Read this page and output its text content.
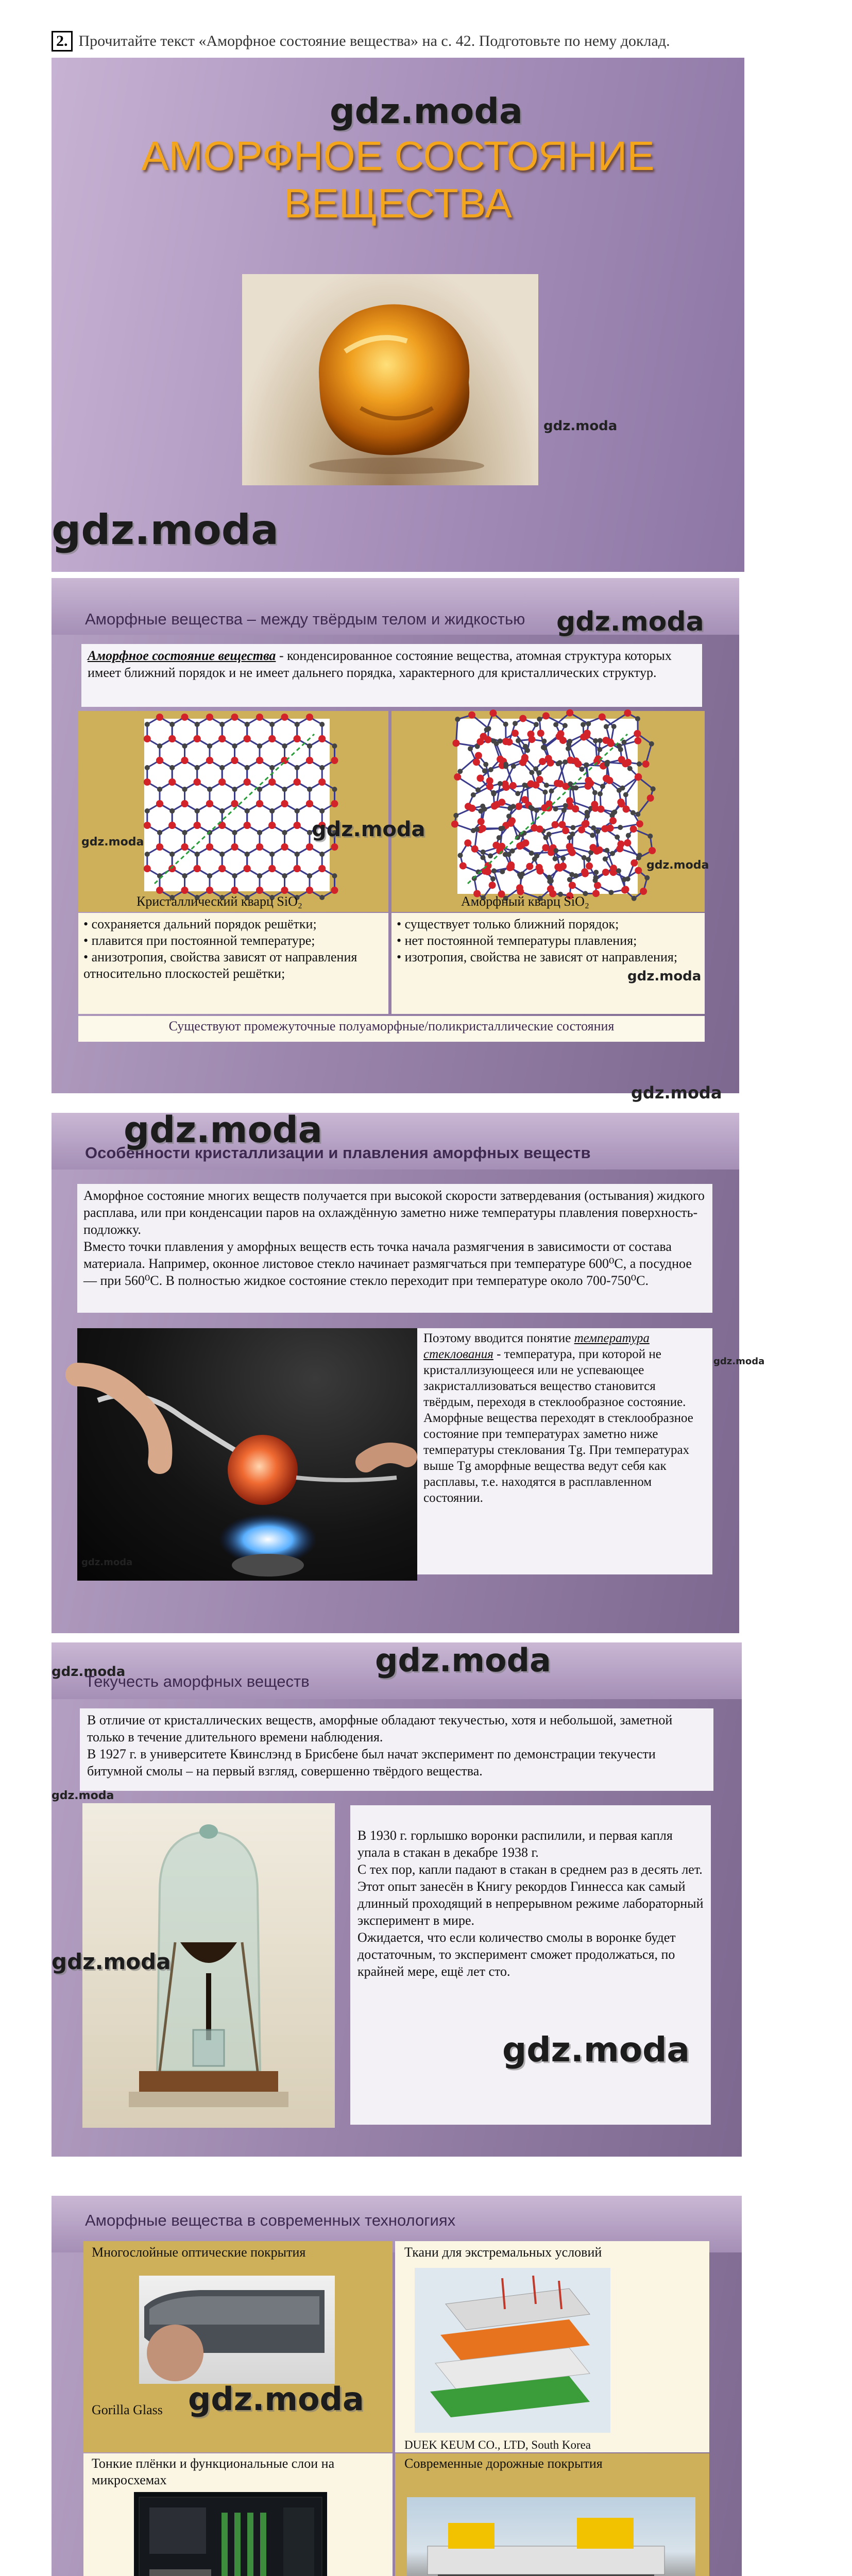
2. Прочитайте текст «Аморфное состояние вещества» на с. 42. Подготовьте по нему доклад.
АМОРФНОЕ СОСТОЯНИЕ
ВЕЩЕСТВА
gdz.moda
gdz.moda
gdz.moda
Аморфные вещества – между твёрдым телом и жидкостью
Аморфное состояние вещества - конденсированное состояние вещества, атомная структура которых имеет ближний порядок и не имеет дальнего порядка, характерного для кристаллических структур.
Кристаллический кварц SiO₂	Аморфный кварц SiO₂
• сохраняется дальний порядок решётки;
• плавится при постоянной температуре;
• анизотропия, свойства зависят от направления относительно плоскостей решётки;
• существует только ближний порядок;
• нет постоянной температуры плавления;
• изотропия, свойства не зависят от направления;
Существуют промежуточные полуаморфные/поликристаллические состояния
gdz.moda
gdz.moda
gdz.moda
gdz.moda
gdz.moda
gdz.moda
Особенности кристаллизации и плавления аморфных веществ
Аморфное состояние многих веществ получается при высокой скорости затвердевания (остывания) жидкого расплава, или при конденсации паров на охлаждённую заметно ниже температуры плавления поверхность-подложку.
Вместо точки плавления у аморфных веществ есть точка начала размягчения в зависимости от состава материала. Например, оконное листовое стекло начинает размягчаться при температуре 600⁰С, а посудное — при 560⁰С. В полностью жидкое состояние стекло переходит при температуре около 700-750⁰С.
Поэтому вводится понятие температура стеклования - температура, при которой не кристаллизующееся или не успевающее закристаллизоваться вещество становится твёрдым, переходя в стеклообразное состояние.
Аморфные вещества переходят в стеклообразное состояние при температурах заметно ниже температуры стеклования Tg. При температурах выше Tg аморфные вещества ведут себя как расплавы, т.е. находятся в расплавленном состоянии.
gdz.moda
gdz.moda
gdz.moda
gdz.moda
Текучесть аморфных веществ
В отличие от кристаллических веществ, аморфные обладают текучестью, хотя и небольшой, заметной только в течение длительного времени наблюдения.
В 1927 г. в университете Квинслэнд в Брисбене был начат эксперимент по демонстрации текучести битумной смолы – на первый взгляд, совершенно твёрдого вещества.
В 1930 г. горлышко воронки распилили, и первая капля упала в стакан в декабре 1938 г.
С тех пор, капли падают в стакан в среднем раз в десять лет.
Этот опыт занесён в Книгу рекордов Гиннесса как самый длинный проходящий в непрерывном режиме лабораторный эксперимент в мире.
Ожидается, что если количество смолы в воронке будет достаточным, то эксперимент сможет продолжаться, по крайней мере, ещё лет сто.
gdz.moda
gdz.moda
gdz.moda
gdz.moda
Аморфные вещества в современных технологиях
Многослойные оптические покрытия
Gorilla Glass
Ткани для экстремальных условий
DUEK KEUM CO., LTD, South Korea
Тонкие плёнки и функциональные слои на микросхемах
Современные дорожные покрытия
gdz.moda
